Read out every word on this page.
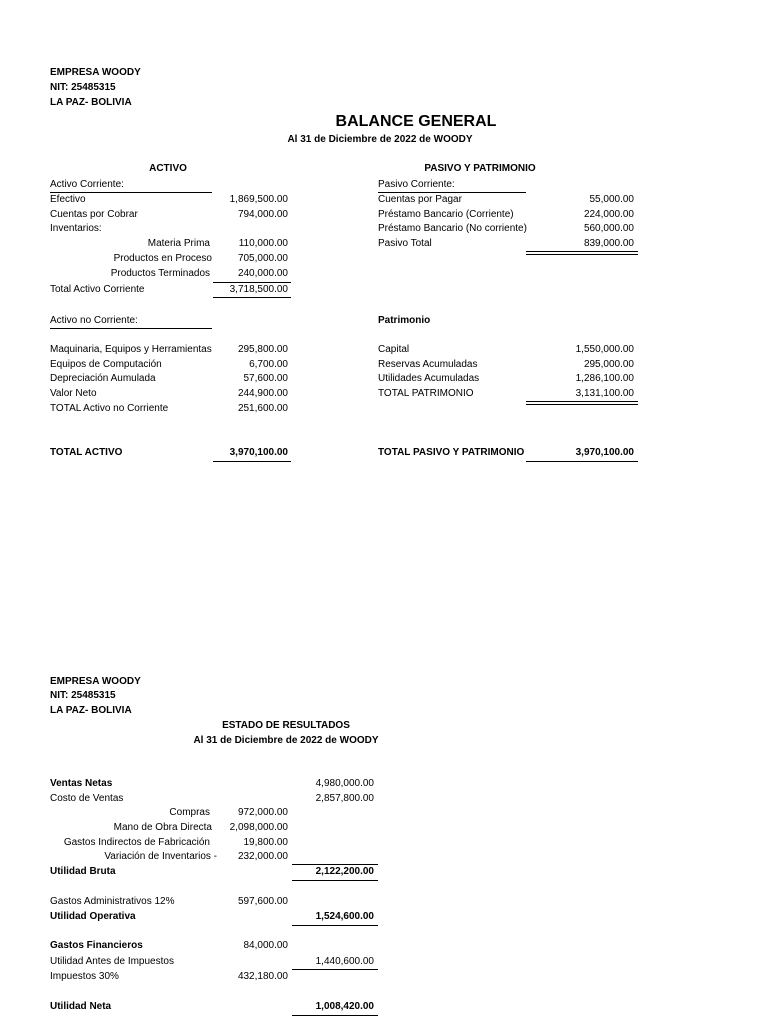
EMPRESA WOODY
NIT: 25485315
LA PAZ- BOLIVIA
BALANCE GENERAL
Al 31 de Diciembre de 2022 de WOODY
ACTIVO
Activo Corriente:
Efectivo	1,869,500.00
Cuentas por Cobrar	794,000.00
Inventarios:
Materia Prima	110,000.00
Productos en Proceso	705,000.00
Productos Terminados	240,000.00
Total Activo Corriente	3,718,500.00
Activo no Corriente:
Maquinaria, Equipos y Herramientas	295,800.00
Equipos de Computación	6,700.00
Depreciación Aumulada	57,600.00
Valor Neto	244,900.00
TOTAL Activo no Corriente	251,600.00
TOTAL ACTIVO	3,970,100.00
PASIVO Y PATRIMONIO
Pasivo Corriente:
Cuentas por Pagar	55,000.00
Préstamo Bancario (Corriente)	224,000.00
Préstamo Bancario (No corriente)	560,000.00
Pasivo Total	839,000.00
Patrimonio
Capital	1,550,000.00
Reservas Acumuladas	295,000.00
Utilidades Acumuladas	1,286,100.00
TOTAL PATRIMONIO	3,131,100.00
TOTAL PASIVO Y PATRIMONIO	3,970,100.00
EMPRESA WOODY
NIT: 25485315
LA PAZ- BOLIVIA
ESTADO DE RESULTADOS
Al 31 de Diciembre de 2022 de WOODY
Ventas Netas	4,980,000.00
Costo de Ventas	2,857,800.00
Compras	972,000.00
Mano de Obra Directa	2,098,000.00
Gastos Indirectos de Fabricación	19,800.00
Variación de Inventarios -	232,000.00
Utilidad Bruta	2,122,200.00
Gastos Administrativos 12%	597,600.00
Utilidad Operativa	1,524,600.00
Gastos Financieros	84,000.00
Utilidad Antes de Impuestos	1,440,600.00
Impuestos 30%	432,180.00
Utilidad Neta	1,008,420.00
